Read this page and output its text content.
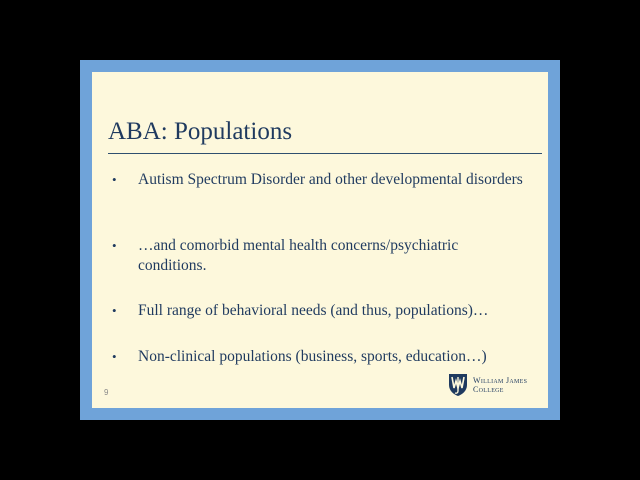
ABA: Populations
•	Autism Spectrum Disorder and other developmental disorders
•	…and comorbid mental health concerns/psychiatric conditions.
•	Full range of behavioral needs (and thus, populations)…
•	Non-clinical populations (business, sports, education…)
9
William James
College
